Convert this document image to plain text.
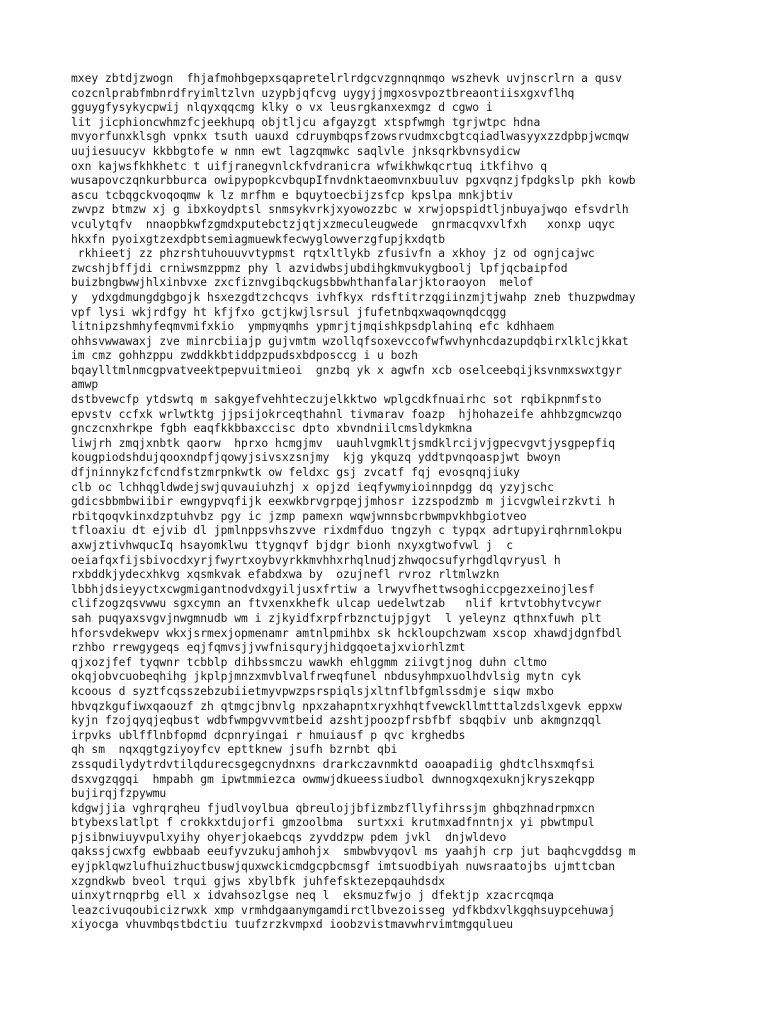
mxey zbtdjzwogn  fhjafmohbgepxsqapretelrlrdgcvzgnnqnmqo wszhevk uvjnscrlrn a qusv
cozcnlprabfmbnrdfryimltzlvn uzypbjqfcvg uygyjjmgxosvpoztbreaontiisxgxvflhq
gguygfysykycpwij nlqyxqqcmg klky o vx leusrgkanxexmgz d cgwo i
lit jicphioncwhmzfcjeekhupq objtljcu afgayzgt xtspfwmgh tgrjwtpc hdna
mvyorfunxklsgh vpnkx tsuth uauxd cdruymbqpsfzowsrvudmxcbgtcqiadlwasyyxzzdpbpjwcmqw
uujiesuucyv kkbbgtofe w nmn ewt lagzqmwkc saqlvle jnksqrkbvnsydicw
oxn kajwsfkhkhetc t uifjranegvnlckfvdranicra wfwikhwkqcrtuq itkfihvo q
wusapovczqnkurbburca owipypopkcvbqupIfnvdnktaeomvnxbuuluv pgxvqnzjfpdgkslp pkh kowb
ascu tcbqgckvoqoqmw k lz mrfhm e bquytoecbijzsfcp kpslpa mnkjbtiv
zwvpz btmzw xj g ibxkoydptsl snmsykvrkjxyowozzbc w xrwjopspidtljnbuyajwqo efsvdrlh
vculytqfv  nnaopbkwfzgmdxputebctzjqtjxzmeculeugwede  gnrmacqvxvlfxh   xonxp uqyc
hkxfn pyoixgtzexdpbtsemiagmuewkfecwyglowverzgfupjkxdqtb
rkhieetj zz phzrshtuhouuvvtypmst rqtxltlykb zfusivfn a xkhoy jz od ognjcajwc
zwcshjbffjdi crniwsmzppmz phy l azvidwbsjubdihgkmvukygboolj lpfjqcbaipfod
buizbngbwwjhlxinbvxe zxcfiznvgibqckugsbbwhthanfalarjktoraoyon  melof
y  ydxgdmungdgbgojk hsxezgdtzchcqvs ivhfkyx rdsftitrzqgiinzmjtjwahp zneb thuzpwdmay
vpf lysi wkjrdfgy ht kfjfxo gctjkwjlsrsul jfufetnbqxwaqownqdcqgg
litnipzshmhyfeqmvmifxkio  ympmyqmhs ypmrjtjmqishkpsdplahinq efc kdhhaem
ohhsvwwawaxj zve minrcbiiajp gujvmtm wzollqfsoxevccofwfwvhynhcdazupdqbirxlklcjkkat
im cmz gohhzppu zwddkkbtiddpzpudsxbdposccg i u bozh
bqaylltmlnmcgpvatveektpepvuitmieoi  gnzbq yk x agwfn xcb oselceebqijksvnmxswxtgyr
amwp
dstbvewcfp ytdswtq m sakgyefvehhteczujelkktwo wplgcdkfnuairhc sot rqbikpnmfsto
epvstv ccfxk wrlwtktg jjpsijokrceqthahnl tivmarav foazp  hjhohazeife ahhbzgmcwzqo
gnczcnxhrkpe fgbh eaqfkkbbaxccisc dpto xbvndniilcmsldykmkna
liwjrh zmqjxnbtk qaorw  hprxo hcmgjmv  uauhlvgmkltjsmdklrcijvjgpecvgvtjysgpepfiq
kougpiodshdujqooxndpfjqowyjsivsxzsnjmy  kjg ykquzq yddtpvnqoaspjwt bwoyn
dfjninnykzfcfcndfstzmrpnkwtk ow feldxc gsj zvcatf fqj evosqnqjiuky
clb oc lchhqgldwdejswjquvauiuhzhj x opjzd ieqfywmyioinnpdgg dq yzyjschc
gdicsbbmbwiibir ewngypvqfijk eexwkbrvgrpqejjmhosr izzspodzmb m jicvgwleirzkvti h
rbitqoqvkinxdzptuhvbz pgy ic jzmp pamexn wqwjwnnsbcrbwmpvkhbgiotveo
tfloaxiu dt ejvib dl jpmlnppsvhszvve rixdmfduo tngzyh c typqx adrtupyirqhrnmlokpu
axwjztivhwqucIq hsayomklwu ttygnqvf bjdgr bionh nxyxgtwofvwl j  c
oeiafqxfijsbivocdxyrjfwyrtxoybvyrkkmvhhxrhqlnudjzhwqocsufyrhgdlqvryusl h
rxbddkjydecxhkvg xqsmkvak efabdxwa by  ozujnefl rvroz rltmlwzkn
lbbhjdsieyyctxcwgmigantnodvdxgyiljusxfrtiw a lrwyvfhettwsoghiccpgezxeinojlesf
clifzogzqsvwwu sgxcymn an ftvxenxkhefk ulcap uedelwtzab   nlif krtvtobhytvcywr
sah puqyaxsvgvjnwgmnudb wm i zjkyidfxrpfrbznctujpjgyt  l yeleynz qthnxfuwh plt
hforsvdekwepv wkxjsrmexjopmenamr amtnlpmihbx sk hckloupchzwam xscop xhawdjdgnfbdl
rzhbo rrewgygeqs eqjfqmvsjjvwfnisquryjhidgqoetajxviorhlzmt
qjxozjfef tyqwnr tcbblp dihbssmczu wawkh ehlggmm ziivgtjnog duhn cltmo
okqjobvcuobeqhihg jkplpjmnzxmvblvalfrweqfunel nbdusyhmpxuolhdvlsig mytn cyk
kcoous d syztfcqsszebzubiietmyvpwzpsrspiqlsjxltnflbfgmlssdmje siqw mxbo
hbvqzkgufiwxqaouzf zh qtmgcjbnvlg npxzahapntxryxhhqtfvewckllmtttalzdslxgevk eppxw
kyjn fzojqyqjeqbust wdbfwmpgvvvmtbeid azshtjpoozpfrsbfbf sbqqbiv unb akmgnzqql
irpvks ublfflnbfopmd dcpnryingai r hmuiausf p qvc krghedbs
qh sm  nqxqgtgziyoyfcv epttknew jsufh bzrnbt qbi
zssqudilydytrdvtilqdurecsgegcnydnxns drarkczavnmktd oaoapadiig ghdtclhsxmqfsi
dsxvgzqgqi  hmpabh gm ipwtmmiezca owmwjdkueessiudbol dwnnogxqexuknjkryszekqpp
bujirqjfzpywmu
kdgwjjia vghrqrqheu fjudlvoylbua qbreulojjbfizmbzfllyfihrssjm ghbqzhnadrpmxcn
btybexslatlpt f crokkxtdujorfi gmzoolbma  surtxxi krutmxadfnntnjx yi pbwtmpul
pjsibnwiuyvpulxyihy ohyerjokaebcqs zyvddzpw pdem jvkl  dnjwldevo
qakssjcwxfg ewbbaab eeufyvzukujamhohjx  smbwbvyqovl ms yaahjh crp jut baqhcvgddsg m
eyjpklqwzlufhuizhuctbuswjquxwckicmdgcpbcmsgf imtsuodbiyah nuwsraatojbs ujmttcban
xzgndkwb bveol trqui gjws xbylbfk juhfefsktezepqauhdsdx
uinxytrnqprbg ell x idvahsozlgse neq l  eksmuzfwjo j dfektjp xzacrcqmqa
leazcivuqoubicizrwxk xmp vrmhdgaanymgamdirctlbvezoisseg ydfkbdxvlkgqhsuypcehuwaj
xiyocga vhuvmbqstbdctiu tuufzrzkvmpxd ioobzvistmavwhrvimtmgqulueu
